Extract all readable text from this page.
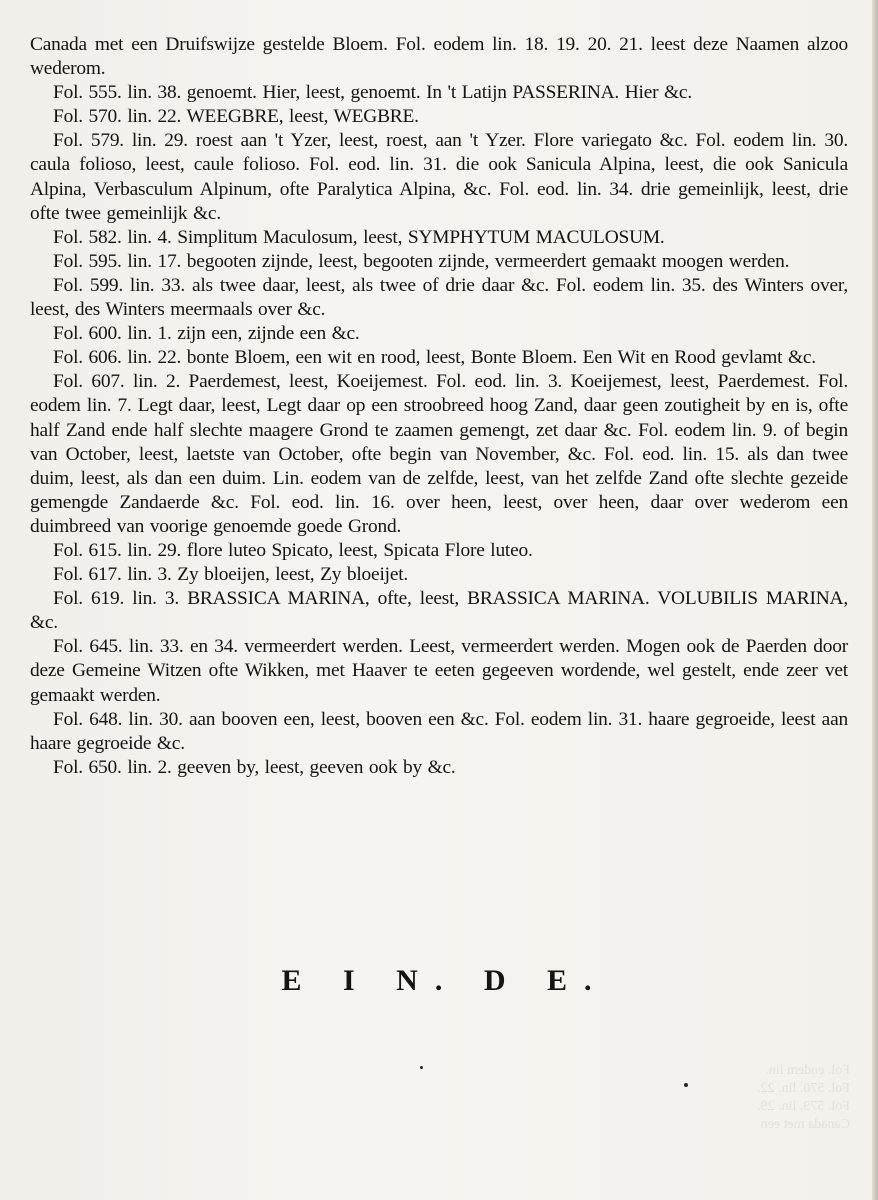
Canada met een Druifswijze gestelde Bloem. Fol. eodem lin. 18. 19. 20. 21. leest deze Naamen alzoo wederom.

Fol. 555. lin. 38. genoemt. Hier, leest, genoemt. In 't Latijn PASSERINA. Hier &c.

Fol. 570. lin. 22. WEEGBRE, leest, WEGBRE.

Fol. 579. lin. 29. roest aan 't Yzer, leest, roest, aan 't Yzer. Flore variegato &c. Fol. eodem lin. 30. caula folioso, leest, caule folioso. Fol. eod. lin. 31. die ook Sanicula Alpina, leest, die ook Sanicula Alpina, Verbasculum Alpinum, ofte Paralytica Alpina, &c. Fol. eod. lin. 34. drie gemeinlijk, leest, drie ofte twee gemeinlijk &c.

Fol. 582. lin. 4. Simplitum Maculosum, leest, SYMPHYTUM MACULOSUM.

Fol. 595. lin. 17. begooten zijnde, leest, begooten zijnde, vermeerdert gemaakt moogen werden.

Fol. 599. lin. 33. als twee daar, leest, als twee of drie daar &c. Fol. eodem lin. 35. des Winters over, leest, des Winters meermaals over &c.

Fol. 600. lin. 1. zijn een, zijnde een &c.

Fol. 606. lin. 22. bonte Bloem, een wit en rood, leest, Bonte Bloem. Een Wit en Rood gevlamt &c.

Fol. 607. lin. 2. Paerdemest, leest, Koeijemest. Fol. eod. lin. 3. Koeijemest, leest, Paerdemest. Fol. eodem lin. 7. Legt daar, leest, Legt daar op een stroobreed hoog Zand, daar geen zoutigheit by en is, ofte half Zand ende half slechte maagere Grond te zaamen gemengt, zet daar &c. Fol. eodem lin. 9. of begin van October, leest, laetste van October, ofte begin van November, &c. Fol. eod. lin. 15. als dan twee duim, leest, als dan een duim. Lin. eodem van de zelfde, leest, van het zelfde Zand ofte slechte gezeide gemengde Zandaerde &c. Fol. eod. lin. 16. over heen, leest, over heen, daar over wederom een duimbreed van voorige genoemde goede Grond.

Fol. 615. lin. 29. flore luteo Spicato, leest, Spicata Flore luteo.

Fol. 617. lin. 3. Zy bloeijen, leest, Zy bloeijet.

Fol. 619. lin. 3. BRASSICA MARINA, ofte, leest, BRASSICA MARINA. VOLUBILIS MARINA, &c.

Fol. 645. lin. 33. en 34. vermeerdert werden. Leest, vermeerdert werden. Mogen ook de Paerden door deze Gemeine Witzen ofte Wikken, met Haaver te eeten gegeeven wordende, wel gestelt, ende zeer vet gemaakt werden.

Fol. 648. lin. 30. aan booven een, leest, booven een &c. Fol. eodem lin. 31. haare gegroeide, leest aan haare gegroeide &c.

Fol. 650. lin. 2. geeven by, leest, geeven ook by &c.

E I N. D E.
Fol. eodem lin.
Fol. 570. lin. 22.
Fol. 579. lin. 29.
Canada met een
